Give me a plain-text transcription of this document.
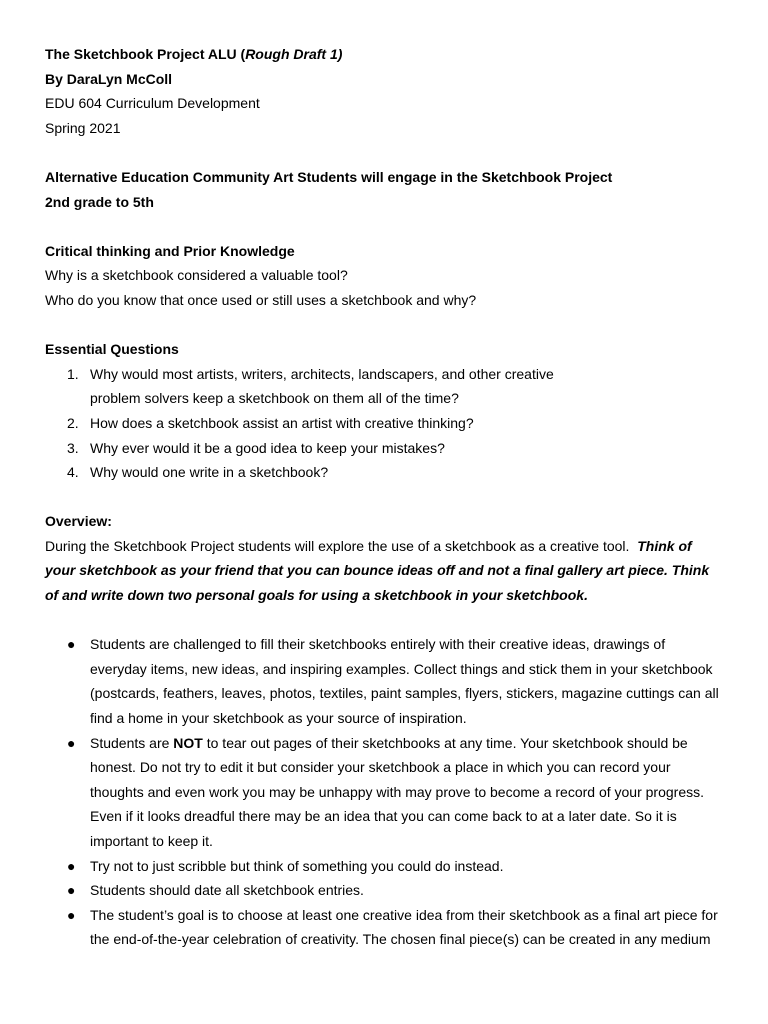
The Sketchbook Project ALU (Rough Draft 1)
By DaraLyn McColl
EDU 604 Curriculum Development
Spring 2021
Alternative Education Community Art Students will engage in the Sketchbook Project
2nd grade to 5th
Critical thinking and Prior Knowledge
Why is a sketchbook considered a valuable tool?
Who do you know that once used or still uses a sketchbook and why?
Essential Questions
1. Why would most artists, writers, architects, landscapers, and other creative
problem solvers keep a sketchbook on them all of the time?
2. How does a sketchbook assist an artist with creative thinking?
3. Why ever would it be a good idea to keep your mistakes?
4. Why would one write in a sketchbook?
Overview:
During the Sketchbook Project students will explore the use of a sketchbook as a creative tool. Think of your sketchbook as your friend that you can bounce ideas off and not a final gallery art piece. Think of and write down two personal goals for using a sketchbook in your sketchbook.
● Students are challenged to fill their sketchbooks entirely with their creative ideas, drawings of everyday items, new ideas, and inspiring examples. Collect things and stick them in your sketchbook (postcards, feathers, leaves, photos, textiles, paint samples, flyers, stickers, magazine cuttings can all find a home in your sketchbook as your source of inspiration.
● Students are NOT to tear out pages of their sketchbooks at any time. Your sketchbook should be honest. Do not try to edit it but consider your sketchbook a place in which you can record your thoughts and even work you may be unhappy with may prove to become a record of your progress. Even if it looks dreadful there may be an idea that you can come back to at a later date. So it is important to keep it.
● Try not to just scribble but think of something you could do instead.
● Students should date all sketchbook entries.
● The student’s goal is to choose at least one creative idea from their sketchbook as a final art piece for the end-of-the-year celebration of creativity. The chosen final piece(s) can be created in any medium
